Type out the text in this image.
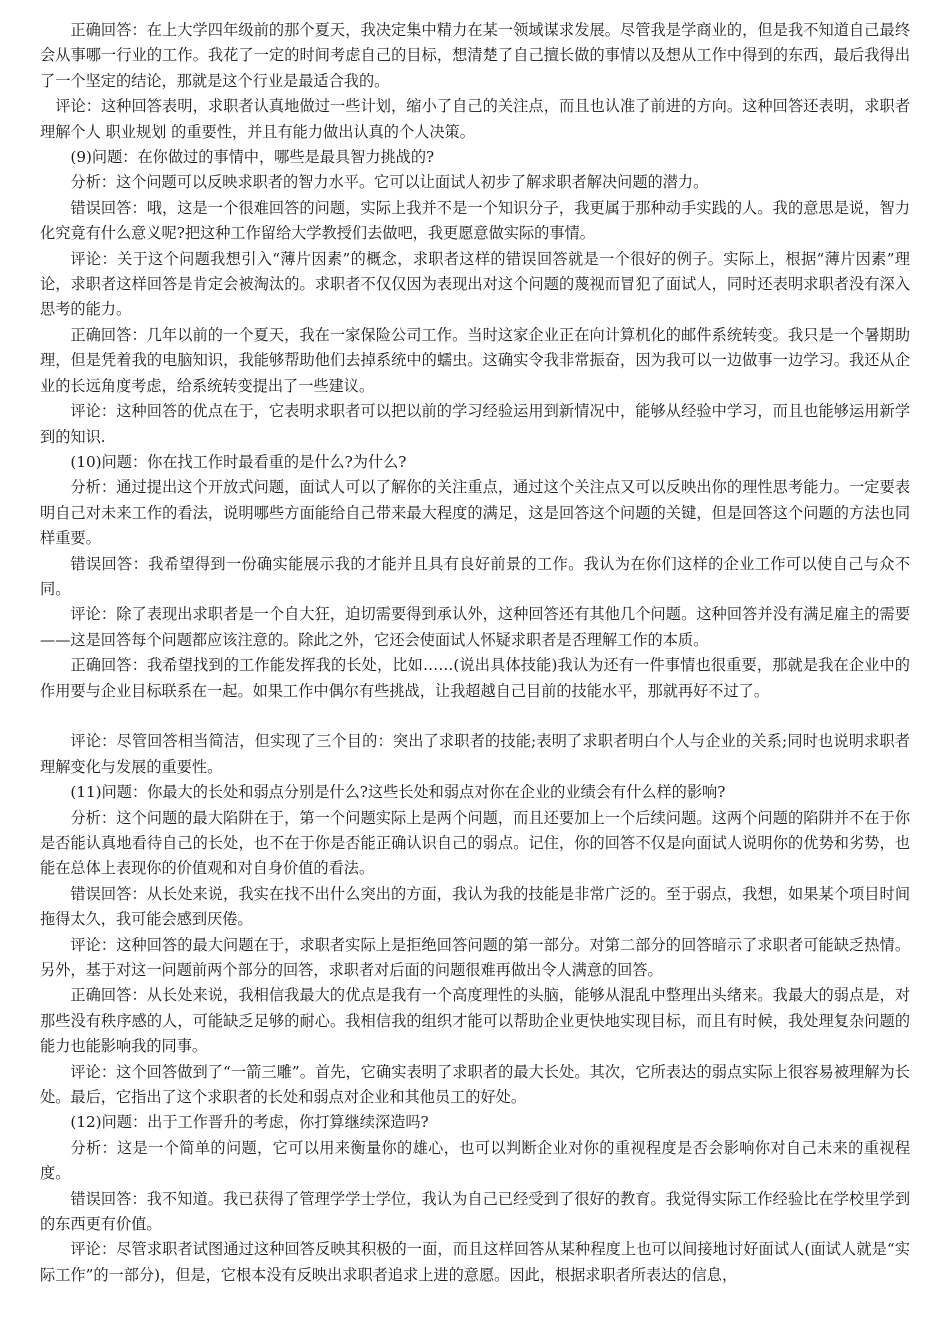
正确回答：在上大学四年级前的那个夏天，我决定集中精力在某一领域谋求发展。尽管我是学商业的，但是我不知道自己最终会从事哪一行业的工作。我花了一定的时间考虑自己的目标，想清楚了自己擅长做的事情以及想从工作中得到的东西，最后我得出了一个坚定的结论，那就是这个行业是最适合我的。

评论：这种回答表明，求职者认真地做过一些计划，缩小了自己的关注点，而且也认准了前进的方向。这种回答还表明，求职者理解个人 职业规划 的重要性，并且有能力做出认真的个人决策。

(9)问题：在你做过的事情中，哪些是最具智力挑战的?

分析：这个问题可以反映求职者的智力水平。它可以让面试人初步了解求职者解决问题的潜力。

错误回答：哦，这是一个很难回答的问题，实际上我并不是一个知识分子，我更属于那种动手实践的人。我的意思是说，智力化究竟有什么意义呢?把这种工作留给大学教授们去做吧，我更愿意做实际的事情。

评论：关于这个问题我想引入“薄片因素”的概念，求职者这样的错误回答就是一个很好的例子。实际上，根据“薄片因素”理论，求职者这样回答是肯定会被淘汰的。求职者不仅仅因为表现出对这个问题的蔑视而冒犯了面试人，同时还表明求职者没有深入思考的能力。

正确回答：几年以前的一个夏天，我在一家保险公司工作。当时这家企业正在向计算机化的邮件系统转变。我只是一个暑期助理，但是凭着我的电脑知识，我能够帮助他们去掉系统中的蠕虫。这确实令我非常振奋，因为我可以一边做事一边学习。我还从企业的长远角度考虑，给系统转变提出了一些建议。

评论：这种回答的优点在于，它表明求职者可以把以前的学习经验运用到新情况中，能够从经验中学习，而且也能够运用新学到的知识.

(10)问题：你在找工作时最看重的是什么?为什么?

分析：通过提出这个开放式问题，面试人可以了解你的关注重点，通过这个关注点又可以反映出你的理性思考能力。一定要表明自己对未来工作的看法，说明哪些方面能给自己带来最大程度的满足，这是回答这个问题的关键，但是回答这个问题的方法也同样重要。

错误回答：我希望得到一份确实能展示我的才能并且具有良好前景的工作。我认为在你们这样的企业工作可以使自己与众不同。

评论：除了表现出求职者是一个自大狂，迫切需要得到承认外，这种回答还有其他几个问题。这种回答并没有满足雇主的需要——这是回答每个问题都应该注意的。除此之外，它还会使面试人怀疑求职者是否理解工作的本质。

正确回答：我希望找到的工作能发挥我的长处，比如……(说出具体技能)我认为还有一件事情也很重要，那就是我在企业中的作用要与企业目标联系在一起。如果工作中偶尔有些挑战，让我超越自己目前的技能水平，那就再好不过了。

评论：尽管回答相当简洁，但实现了三个目的：突出了求职者的技能;表明了求职者明白个人与企业的关系;同时也说明求职者理解变化与发展的重要性。

(11)问题：你最大的长处和弱点分别是什么?这些长处和弱点对你在企业的业绩会有什么样的影响?

分析：这个问题的最大陷阱在于，第一个问题实际上是两个问题，而且还要加上一个后续问题。这两个问题的陷阱并不在于你是否能认真地看待自己的长处，也不在于你是否能正确认识自己的弱点。记住，你的回答不仅是向面试人说明你的优势和劣势，也能在总体上表现你的价值观和对自身价值的看法。

错误回答：从长处来说，我实在找不出什么突出的方面，我认为我的技能是非常广泛的。至于弱点，我想，如果某个项目时间拖得太久，我可能会感到厌倦。

评论：这种回答的最大问题在于，求职者实际上是拒绝回答问题的第一部分。对第二部分的回答暗示了求职者可能缺乏热情。另外，基于对这一问题前两个部分的回答，求职者对后面的问题很难再做出令人满意的回答。

正确回答：从长处来说，我相信我最大的优点是我有一个高度理性的头脑，能够从混乱中整理出头绪来。我最大的弱点是，对那些没有秩序感的人，可能缺乏足够的耐心。我相信我的组织才能可以帮助企业更快地实现目标，而且有时候，我处理复杂问题的能力也能影响我的同事。

评论：这个回答做到了“一箭三雕”。首先，它确实表明了求职者的最大长处。其次，它所表达的弱点实际上很容易被理解为长处。最后，它指出了这个求职者的长处和弱点对企业和其他员工的好处。

(12)问题：出于工作晋升的考虑，你打算继续深造吗?

分析：这是一个简单的问题，它可以用来衡量你的雄心，也可以判断企业对你的重视程度是否会影响你对自己未来的重视程度。

错误回答：我不知道。我已获得了管理学学士学位，我认为自己已经受到了很好的教育。我觉得实际工作经验比在学校里学到的东西更有价值。

评论：尽管求职者试图通过这种回答反映其积极的一面，而且这样回答从某种程度上也可以间接地讨好面试人(面试人就是“实际工作”的一部分)，但是，它根本没有反映出求职者追求上进的意愿。因此，根据求职者所表达的信息，
